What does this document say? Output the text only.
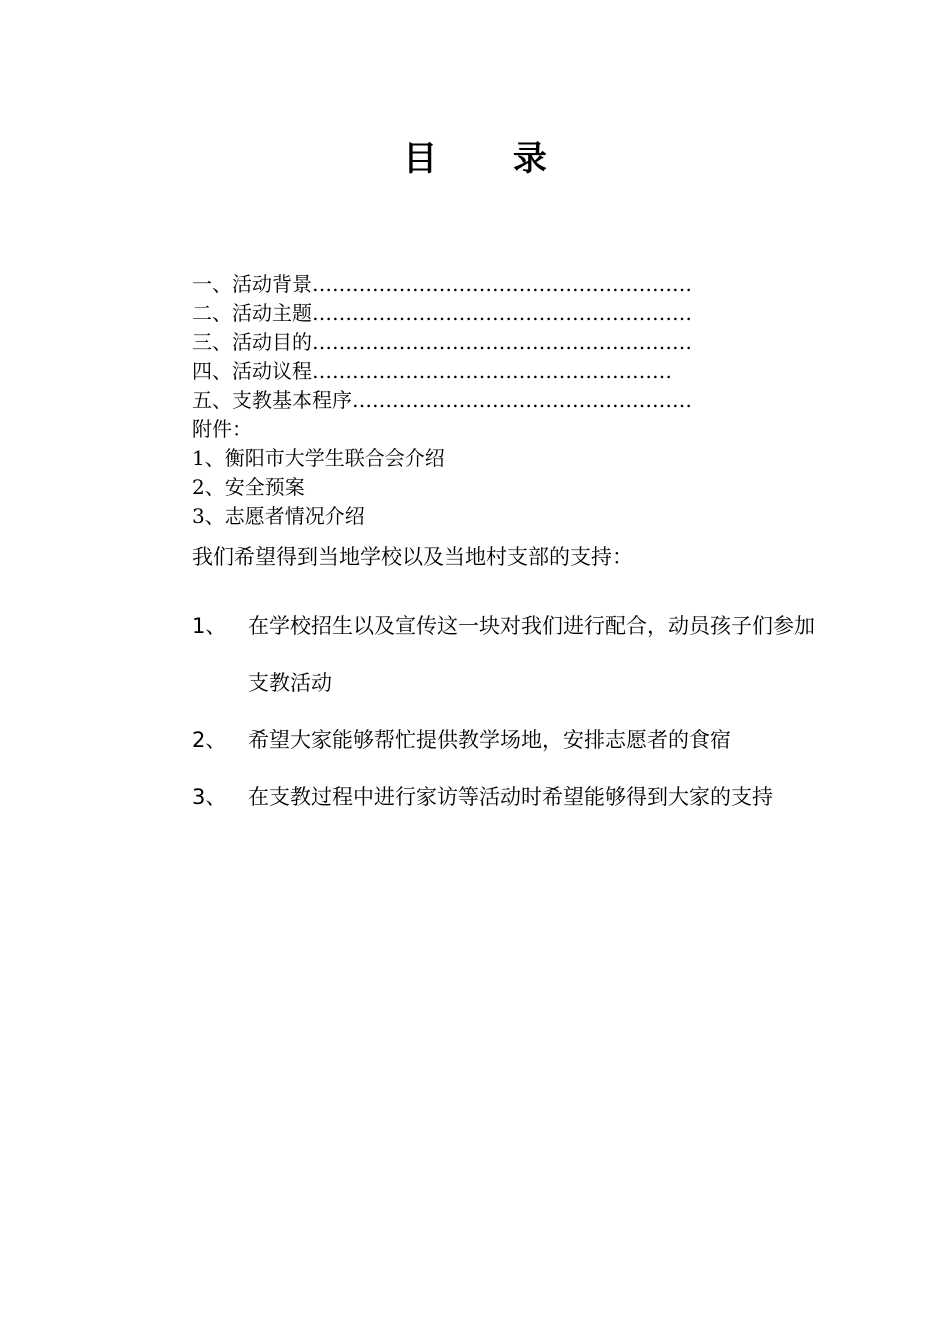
目 录
一、活动背景…………………………………………………
二、活动主题…………………………………………………
三、活动目的…………………………………………………
四、活动议程………………………………………………
五、支教基本程序……………………………………………
附件：
1、衡阳市大学生联合会介绍
2、安全预案
3、志愿者情况介绍
我们希望得到当地学校以及当地村支部的支持：
1、 在学校招生以及宣传这一块对我们进行配合，动员孩子们参加支教活动
2、 希望大家能够帮忙提供教学场地，安排志愿者的食宿
3、 在支教过程中进行家访等活动时希望能够得到大家的支持
